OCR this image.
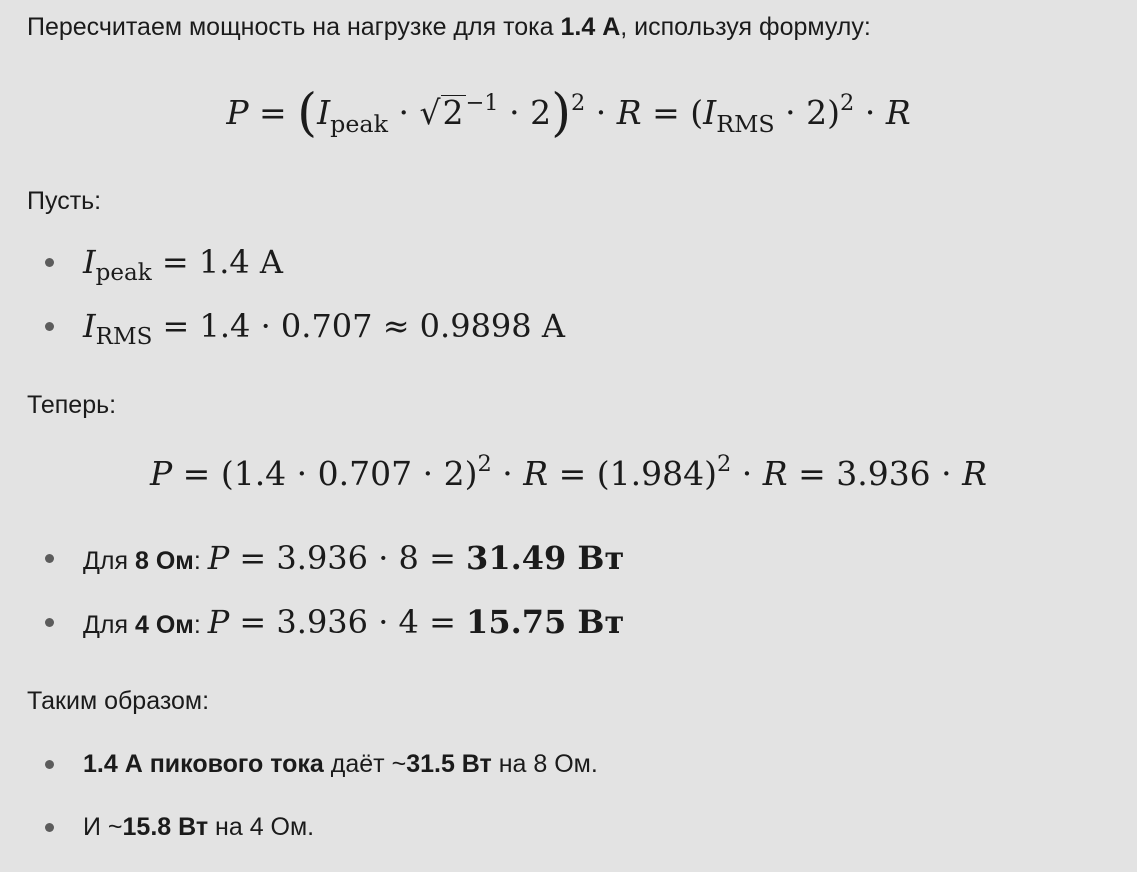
Пересчитаем мощность на нагрузке для тока 1.4 А, используя формулу:
$P = (I_{peak} \cdot √2^{-1} \cdot 2)^2 \cdot R = (I_{RMS} \cdot 2)^2 \cdot R$
Пусть:
$I_{peak} = 1.4$ A
$I_{RMS} = 1.4 \cdot 0.707 \approx 0.9898$ A
Теперь:
$P = (1.4 \cdot 0.707 \cdot 2)^2 \cdot R = (1.984)^2 \cdot R = 3.936 \cdot R$
Для 8 Ом: P = 3.936 · 8 = 31.49 Вт
Для 4 Ом: P = 3.936 · 4 = 15.75 Вт
Таким образом:
1.4 А пикового тока даёт ~31.5 Вт на 8 Ом.
И ~15.8 Вт на 4 Ом.
